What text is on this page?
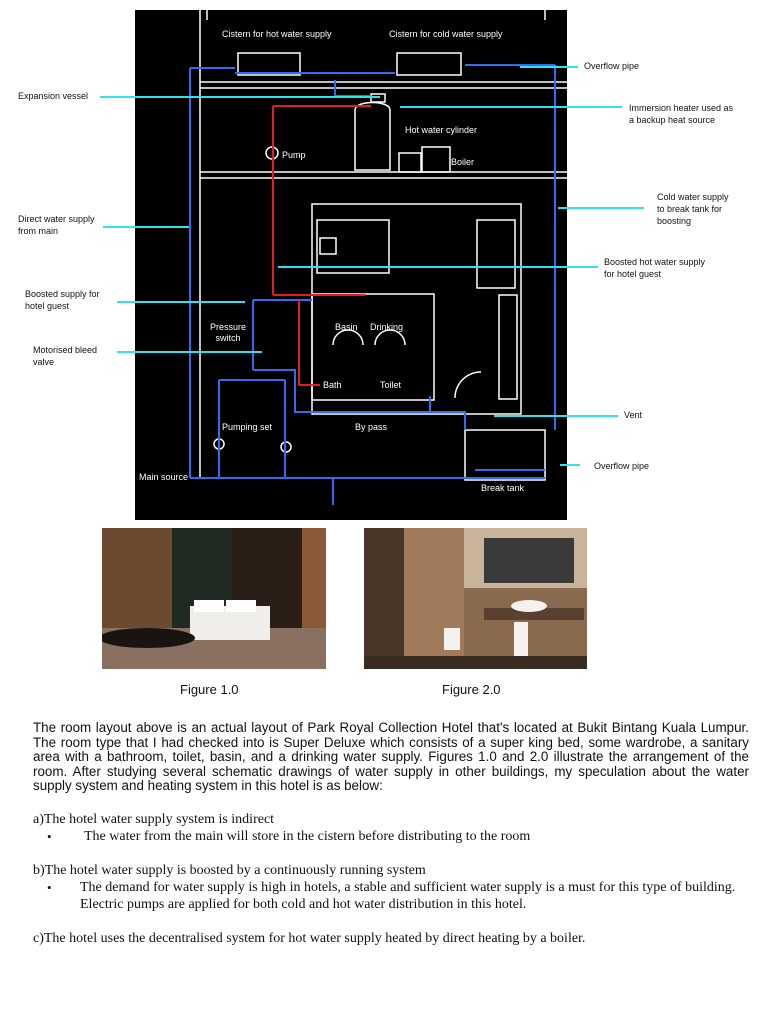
Cistern for hot water supply	Cistern for cold water supply
Hot water cylinder
Boiler
Pump
Basin Drinking
Pressure
switch
Bath	Toilet
Pumping set	By pass
Break tank
Main source
Overflow pipe
Expansion vessel
Immersion heater used as
a backup heat source
Cold water supply
to break tank for
boosting
Direct water supply
from main
Boosted hot water supply
for hotel guest
Boosted supply for
hotel guest
Motorised bleed
valve
Vent
Overflow pipe
Figure 1.0	Figure 2.0
The room layout above is an actual layout of Park Royal Collection Hotel that's located at Bukit Bintang Kuala Lumpur. The room type that I had checked into is Super Deluxe which consists of a super king bed, some wardrobe, a sanitary area with a bathroom, toilet, basin, and a drinking water supply. Figures 1.0 and 2.0 illustrate the arrangement of the room. After studying several schematic drawings of water supply in other buildings, my speculation about the water supply system and heating system in this hotel is as below:
a)The hotel water supply system is indirect
• The water from the main will store in the cistern before distributing to the room
b)The hotel water supply is boosted by a continuously running system
• The demand for water supply is high in hotels, a stable and sufficient water supply is a must for this type of building. Electric pumps are applied for both cold and hot water distribution in this hotel.
c)The hotel uses the decentralised system for hot water supply heated by direct heating by a boiler.
